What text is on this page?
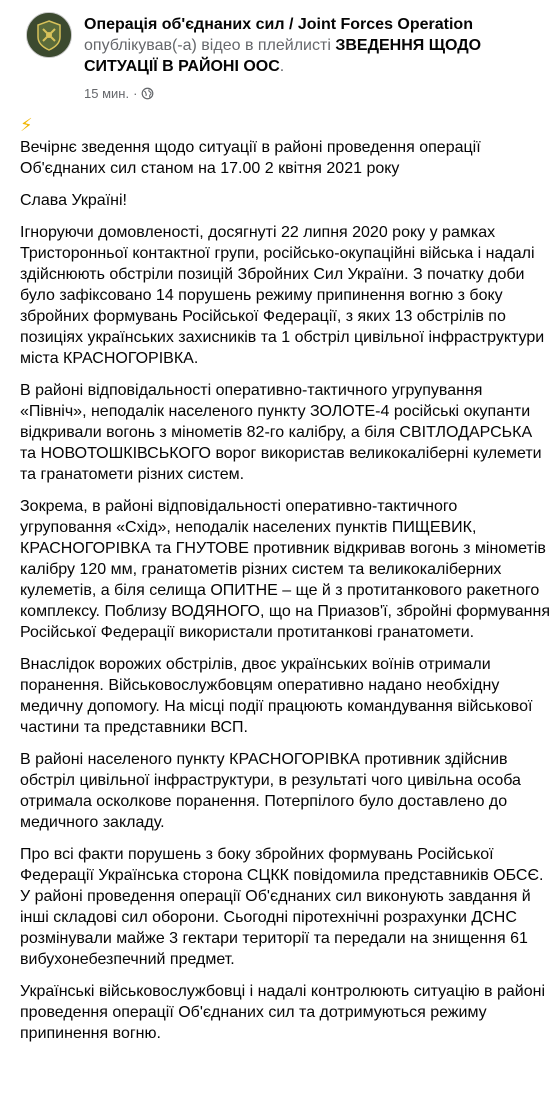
Операція об'єднаних сил / Joint Forces Operation опублікував(-а) відео в плейлисті ЗВЕДЕННЯ ЩОДО СИТУАЦІЇ В РАЙОНІ ООС.
15 мин. ·
⚡

Вечірнє зведення щодо ситуації в районі проведення операції Об'єднаних сил станом на 17.00 2 квітня 2021 року

Слава Україні!

Ігноруючи домовленості, досягнуті 22 липня 2020 року у рамках Тристоронньої контактної групи, російсько-окупаційні війська і надалі здійснюють обстріли позицій Збройних Сил України. З початку доби було зафіксовано 14 порушень режиму припинення вогню з боку збройних формувань Російської Федерації, з яких 13 обстрілів по позиціях українських захисників та 1 обстріл цивільної інфраструктури міста КРАСНОГОРІВКА.

В районі відповідальності оперативно-тактичного угрупування «Північ», неподалік населеного пункту ЗОЛОТЕ-4 російські окупанти відкривали вогонь з мінометів 82-го калібру, а біля СВІТЛОДАРСЬКА та НОВОТОШКІВСЬКОГО ворог використав великокаліберні кулемети та гранатомети різних систем.

Зокрема, в районі відповідальності оперативно-тактичного угруповання «Схід», неподалік населених пунктів ПИЩЕВИК, КРАСНОГОРІВКА та ГНУТОВЕ противник відкривав вогонь з мінометів калібру 120 мм, гранатометів різних систем та великокаліберних кулеметів, а біля селища ОПИТНЕ – ще й з протитанкового ракетного комплексу. Поблизу ВОДЯНОГО, що на Приазов'ї, збройні формування Російської Федерації використали протитанкові гранатомети.

Внаслідок ворожих обстрілів, двоє українських воїнів отримали поранення. Військовослужбовцям оперативно надано необхідну медичну допомогу. На місці події працюють командування військової частини та представники ВСП.

В районі населеного пункту КРАСНОГОРІВКА противник здійснив обстріл цивільної інфраструктури, в результаті чого цивільна особа отримала осколкове поранення. Потерпілого було доставлено до медичного закладу.

Про всі факти порушень з боку збройних формувань Російської Федерації Українська сторона СЦКК повідомила представників ОБСЄ.

У районі проведення операції Об'єднаних сил виконують завдання й інші складові сил оборони. Сьогодні піротехнічні розрахунки ДСНС розмінували майже 3 гектари території та передали на знищення 61 вибухонебезпечний предмет.

Українські військовослужбовці і надалі контролюють ситуацію в районі проведення операції Об'єднаних сил та дотримуються режиму припинення вогню.
